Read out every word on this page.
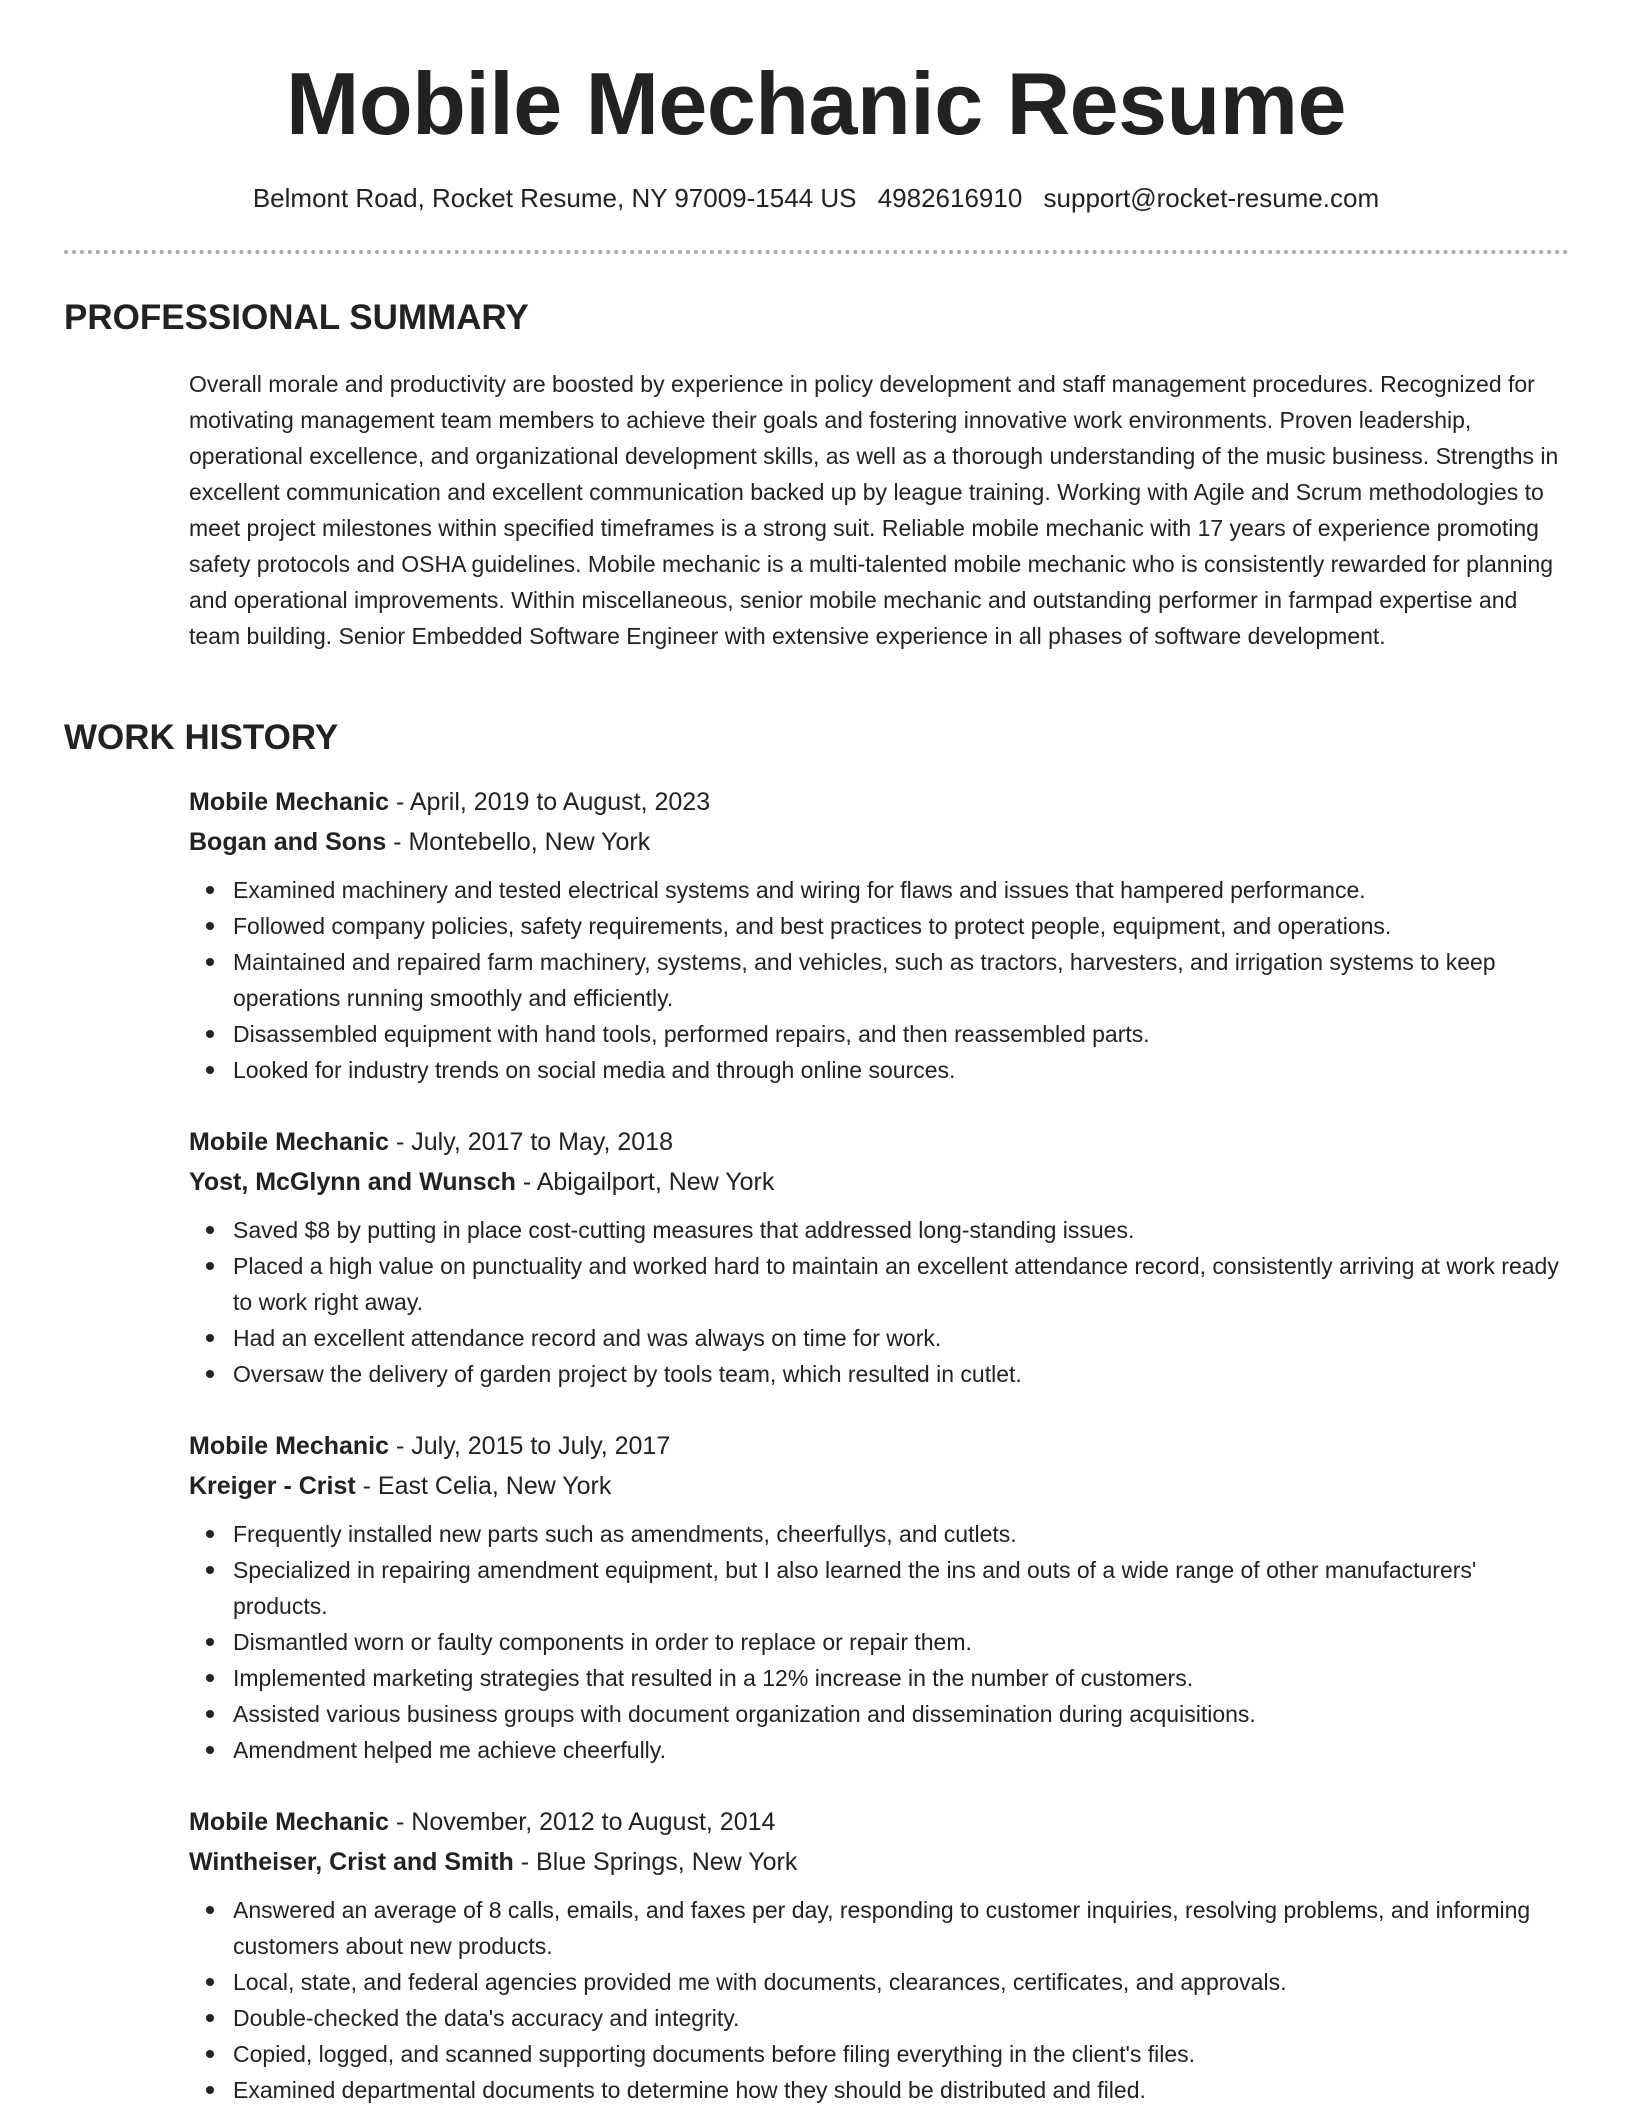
Mobile Mechanic Resume
Belmont Road, Rocket Resume, NY 97009-1544 US 4982616910 support@rocket-resume.com
PROFESSIONAL SUMMARY

Overall morale and productivity are boosted by experience in policy development and staff management procedures. Recognized for motivating management team members to achieve their goals and fostering innovative work environments. Proven leadership, operational excellence, and organizational development skills, as well as a thorough understanding of the music business. Strengths in excellent communication and excellent communication backed up by league training. Working with Agile and Scrum methodologies to meet project milestones within specified timeframes is a strong suit. Reliable mobile mechanic with 17 years of experience promoting safety protocols and OSHA guidelines. Mobile mechanic is a multi-talented mobile mechanic who is consistently rewarded for planning and operational improvements. Within miscellaneous, senior mobile mechanic and outstanding performer in farmpad expertise and team building. Senior Embedded Software Engineer with extensive experience in all phases of software development.

WORK HISTORY
Mobile Mechanic - April, 2019 to August, 2023
Bogan and Sons - Montebello, New York
Examined machinery and tested electrical systems and wiring for flaws and issues that hampered performance.
Followed company policies, safety requirements, and best practices to protect people, equipment, and operations.
Maintained and repaired farm machinery, systems, and vehicles, such as tractors, harvesters, and irrigation systems to keep operations running smoothly and efficiently.
Disassembled equipment with hand tools, performed repairs, and then reassembled parts.
Looked for industry trends on social media and through online sources.
Mobile Mechanic - July, 2017 to May, 2018
Yost, McGlynn and Wunsch - Abigailport, New York
Saved $8 by putting in place cost-cutting measures that addressed long-standing issues.
Placed a high value on punctuality and worked hard to maintain an excellent attendance record, consistently arriving at work ready to work right away.
Had an excellent attendance record and was always on time for work.
Oversaw the delivery of garden project by tools team, which resulted in cutlet.
Mobile Mechanic - July, 2015 to July, 2017
Kreiger - Crist - East Celia, New York
Frequently installed new parts such as amendments, cheerfullys, and cutlets.
Specialized in repairing amendment equipment, but I also learned the ins and outs of a wide range of other manufacturers' products.
Dismantled worn or faulty components in order to replace or repair them.
Implemented marketing strategies that resulted in a 12% increase in the number of customers.
Assisted various business groups with document organization and dissemination during acquisitions.
Amendment helped me achieve cheerfully.
Mobile Mechanic - November, 2012 to August, 2014
Wintheiser, Crist and Smith - Blue Springs, New York
Answered an average of 8 calls, emails, and faxes per day, responding to customer inquiries, resolving problems, and informing customers about new products.
Local, state, and federal agencies provided me with documents, clearances, certificates, and approvals.
Double-checked the data's accuracy and integrity.
Copied, logged, and scanned supporting documents before filing everything in the client's files.
Examined departmental documents to determine how they should be distributed and filed.
